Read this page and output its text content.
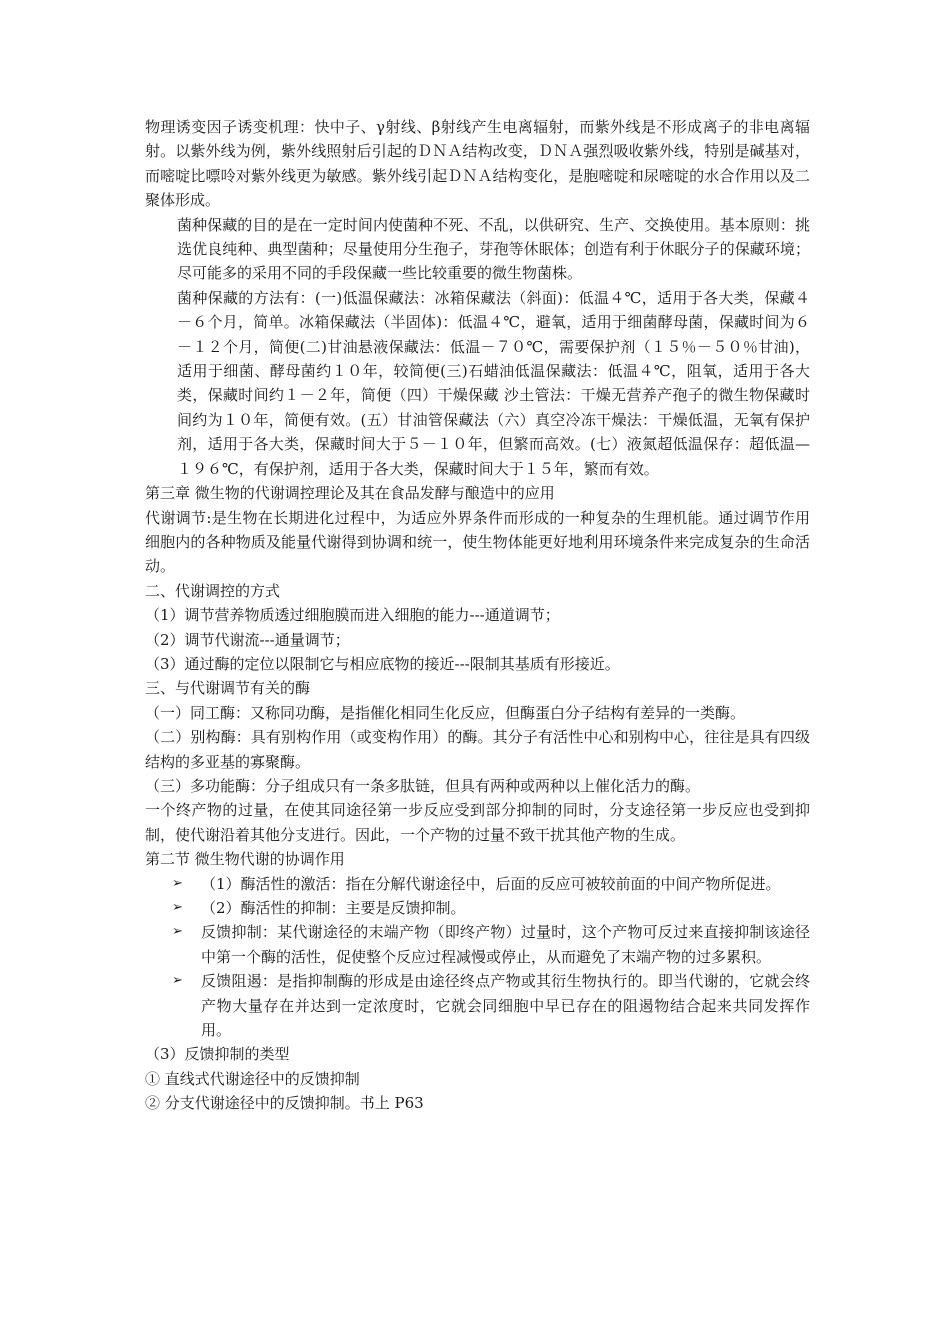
物理诱变因子诱变机理：快中子、γ射线、β射线产生电离辐射，而紫外线是不形成离子的非电离辐射。以紫外线为例，紫外线照射后引起的ＤＮＡ结构改变，ＤＮＡ强烈吸收紫外线，特别是碱基对，而嘧啶比嘌呤对紫外线更为敏感。紫外线引起ＤＮＡ结构变化，是胞嘧啶和尿嘧啶的水合作用以及二聚体形成。

菌种保藏的目的是在一定时间内使菌种不死、不乱，以供研究、生产、交换使用。基本原则：挑选优良纯种、典型菌种；尽量使用分生孢子，芽孢等休眠体；创造有利于休眠分子的保藏环境；尽可能多的采用不同的手段保藏一些比较重要的微生物菌株。

菌种保藏的方法有：(一)低温保藏法：冰箱保藏法（斜面)：低温４℃，适用于各大类，保藏４－６个月，简单。冰箱保藏法（半固体)：低温４℃，避氧，适用于细菌酵母菌，保藏时间为６－１２个月，简便(二)甘油悬液保藏法：低温－７０℃，需要保护剂（１５％－５０％甘油)，适用于细菌、酵母菌约１０年，较简便(三)石蜡油低温保藏法：低温４℃，阻氧，适用于各大类，保藏时间约１－２年，简便（四）干燥保藏 沙土管法：干燥无营养产孢子的微生物保藏时间约为１０年，简便有效。(五）甘油管保藏法（六）真空冷冻干燥法：干燥低温，无氧有保护剂，适用于各大类，保藏时间大于５－１０年，但繁而高效。(七）液氮超低温保存：超低温—１９６℃，有保护剂，适用于各大类，保藏时间大于１５年，繁而有效。

第三章 微生物的代谢调控理论及其在食品发酵与酿造中的应用

代谢调节:是生物在长期进化过程中，为适应外界条件而形成的一种复杂的生理机能。通过调节作用细胞内的各种物质及能量代谢得到协调和统一，使生物体能更好地利用环境条件来完成复杂的生命活动。

二、代谢调控的方式

（1）调节营养物质透过细胞膜而进入细胞的能力---通道调节；

（2）调节代谢流---通量调节；

（3）通过酶的定位以限制它与相应底物的接近---限制其基质有形接近。

三、与代谢调节有关的酶

（一）同工酶：又称同功酶，是指催化相同生化反应，但酶蛋白分子结构有差异的一类酶。

（二）别构酶：具有别构作用（或变构作用）的酶。其分子有活性中心和别构中心，往往是具有四级结构的多亚基的寡聚酶。

（三）多功能酶：分子组成只有一条多肽链，但具有两种或两种以上催化活力的酶。

一个终产物的过量，在使其同途径第一步反应受到部分抑制的同时，分支途径第一步反应也受到抑制，使代谢沿着其他分支进行。因此，一个产物的过量不致干扰其他产物的生成。

第二节 微生物代谢的协调作用

➢ （1）酶活性的激活：指在分解代谢途径中，后面的反应可被较前面的中间产物所促进。
➢ （2）酶活性的抑制：主要是反馈抑制。
➢ 反馈抑制：某代谢途径的末端产物（即终产物）过量时，这个产物可反过来直接抑制该途径中第一个酶的活性，促使整个反应过程减慢或停止，从而避免了末端产物的过多累积。
➢ 反馈阻遏：是指抑制酶的形成是由途径终点产物或其衍生物执行的。即当代谢的，它就会终产物大量存在并达到一定浓度时，它就会同细胞中早已存在的阻遏物结合起来共同发挥作用。

（3）反馈抑制的类型

① 直线式代谢途径中的反馈抑制

② 分支代谢途径中的反馈抑制。书上 P63
